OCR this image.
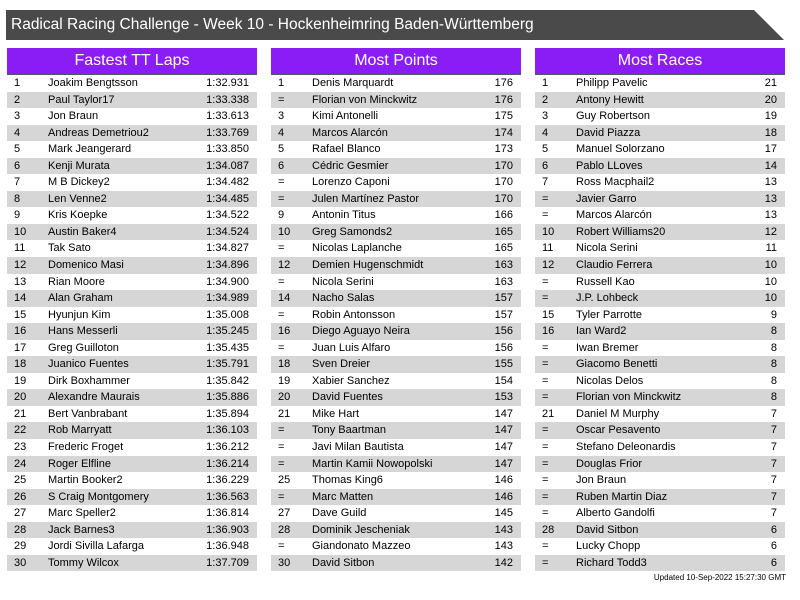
Radical Racing Challenge - Week 10 - Hockenheimring Baden-Württemberg
Fastest TT Laps
1	Joakim Bengtsson	1:32.931
2	Paul Taylor17	1:33.338
3	Jon Braun	1:33.613
4	Andreas Demetriou2	1:33.769
5	Mark Jeangerard	1:33.850
6	Kenji Murata	1:34.087
7	M B Dickey2	1:34.482
8	Len Venne2	1:34.485
9	Kris Koepke	1:34.522
10 Austin Baker4	1:34.524
11 Tak Sato	1:34.827
12 Domenico Masi	1:34.896
13 Rian Moore	1:34.900
14 Alan Graham	1:34.989
15 Hyunjun Kim	1:35.008
16 Hans Messerli	1:35.245
17 Greg Guilloton	1:35.435
18 Juanico Fuentes	1:35.791
19 Dirk Boxhammer	1:35.842
20 Alexandre Maurais	1:35.886
21 Bert Vanbrabant	1:35.894
22 Rob Marryatt	1:36.103
23 Frederic Froget	1:36.212
24 Roger Elfline	1:36.214
25 Martin Booker2	1:36.229
26 S Craig Montgomery	1:36.563
27 Marc Speller2	1:36.814
28 Jack Barnes3	1:36.903
29 Jordi Sivilla Lafarga	1:36.948
30 Tommy Wilcox	1:37.709
Most Points
1	Denis Marquardt	176
=	Florian von Minckwitz	176
3	Kimi Antonelli	175
4	Marcos Alarcón	174
5	Rafael Blanco	173
6	Cédric Gesmier	170
=	Lorenzo Caponi	170
=	Julen Martínez Pastor	170
9	Antonin Titus	166
10 Greg Samonds2	165
=	Nicolas Laplanche	165
12 Demien Hugenschmidt	163
=	Nicola Serini	163
14 Nacho Salas	157
=	Robin Antonsson	157
16 Diego Aguayo Neira	156
=	Juan Luis Alfaro	156
18 Sven Dreier	155
19 Xabier Sanchez	154
20 David Fuentes	153
21 Mike Hart	147
=	Tony Baartman	147
=	Javi Milan Bautista	147
=	Martin Kamii Nowopolski	147
25 Thomas King6	146
=	Marc Matten	146
27 Dave Guild	145
28 Dominik Jescheniak	143
=	Giandonato Mazzeo	143
30 David Sitbon	142
Most Races
1	Philipp Pavelic	21
2	Antony Hewitt	20
3	Guy Robertson	19
4	David Piazza	18
5	Manuel Solorzano	17
6	Pablo LLoves	14
7	Ross Macphail2	13
=	Javier Garro	13
=	Marcos Alarcón	13
10 Robert Williams20	12
11 Nicola Serini	11
12 Claudio Ferrera	10
=	Russell Kao	10
=	J.P. Lohbeck	10
15 Tyler Parrotte	9
16 Ian Ward2	8
=	Iwan Bremer	8
=	Giacomo Benetti	8
=	Nicolas Delos	8
=	Florian von Minckwitz	8
21 Daniel M Murphy	7
=	Oscar Pesavento	7
=	Stefano Deleonardis	7
=	Douglas Frior	7
=	Jon Braun	7
=	Ruben Martin Diaz	7
=	Alberto Gandolfi	7
28 David Sitbon	6
=	Lucky Chopp	6
=	Richard Todd3	6
Updated 10-Sep-2022 15:27:30 GMT
